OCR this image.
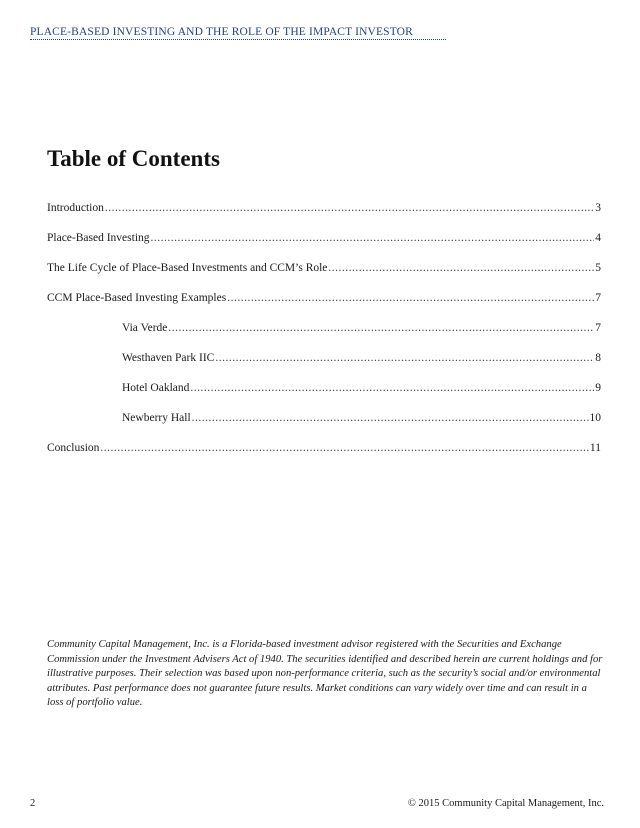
PLACE-BASED INVESTING AND THE ROLE OF THE IMPACT INVESTOR
Table of Contents
Introduction .....	3
Place-Based Investing .....	4
The Life Cycle of Place-Based Investments and CCM’s Role .....	5
CCM Place-Based Investing Examples .....	7
Via Verde .....	7
Westhaven Park IIC .....	8
Hotel Oakland .....	9
Newberry Hall .....	10
Conclusion .....	11

Community Capital Management, Inc. is a Florida-based investment advisor registered with the Securities and Exchange Commission under the Investment Advisers Act of 1940. The securities identified and described herein are current holdings and for illustrative purposes. Their selection was based upon non-performance criteria, such as the security’s social and/or environmental attributes. Past performance does not guarantee future results. Market conditions can vary widely over time and can result in a loss of portfolio value.

2	© 2015 Community Capital Management, Inc.
